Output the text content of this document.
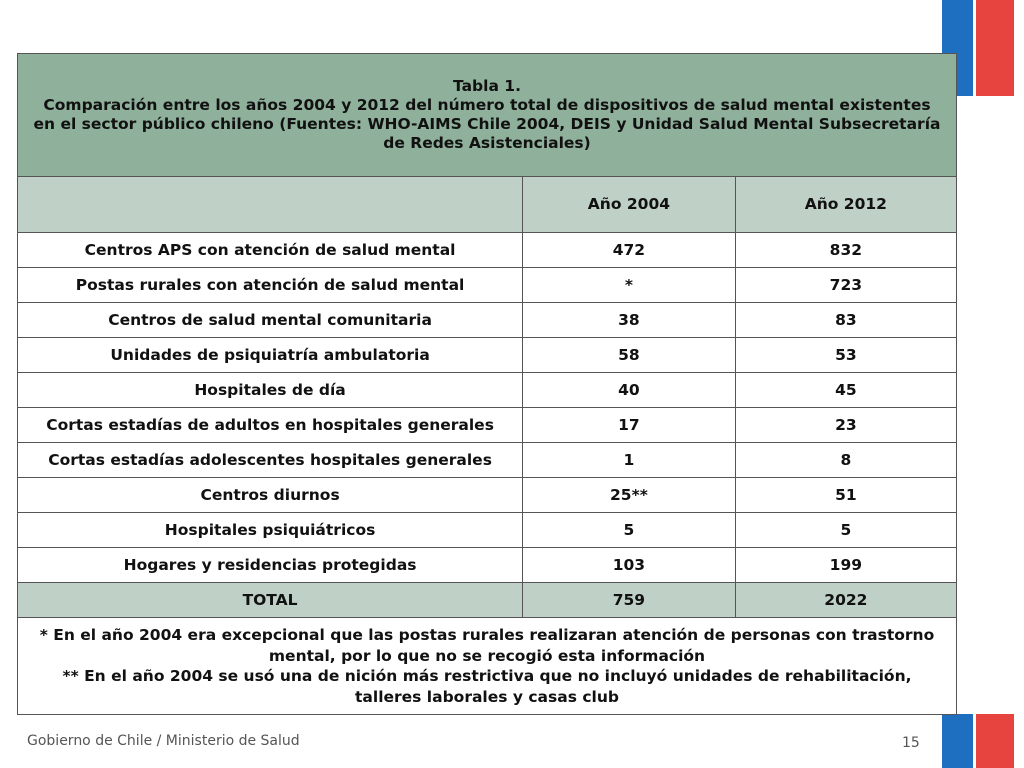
Tabla 1.
Comparación entre los años 2004 y 2012 del número total de dispositivos de salud mental existentes en el sector público chileno (Fuentes: WHO-AIMS Chile 2004, DEIS y Unidad Salud Mental Subsecretaría de Redes Asistenciales)		

	Año 2004	Año 2012
Centros APS con atención de salud mental	472	832
Postas rurales con atención de salud mental	*	723
Centros de salud mental comunitaria	38	83
Unidades de psiquiatría ambulatoria	58	53
Hospitales de día	40	45
Cortas estadías de adultos en hospitales generales	17	23
Cortas estadías adolescentes hospitales generales	1	8
Centros diurnos	25**	51
Hospitales psiquiátricos	5	5
Hogares y residencias protegidas	103	199
TOTAL	759	2022

* En el año 2004 era excepcional que las postas rurales realizaran atención de personas con trastorno mental, por lo que no se recogió esta información
** En el año 2004 se usó una de nición más restrictiva que no incluyó unidades de rehabilitación, talleres laborales y casas club		
Gobierno de Chile / Ministerio de Salud	15
